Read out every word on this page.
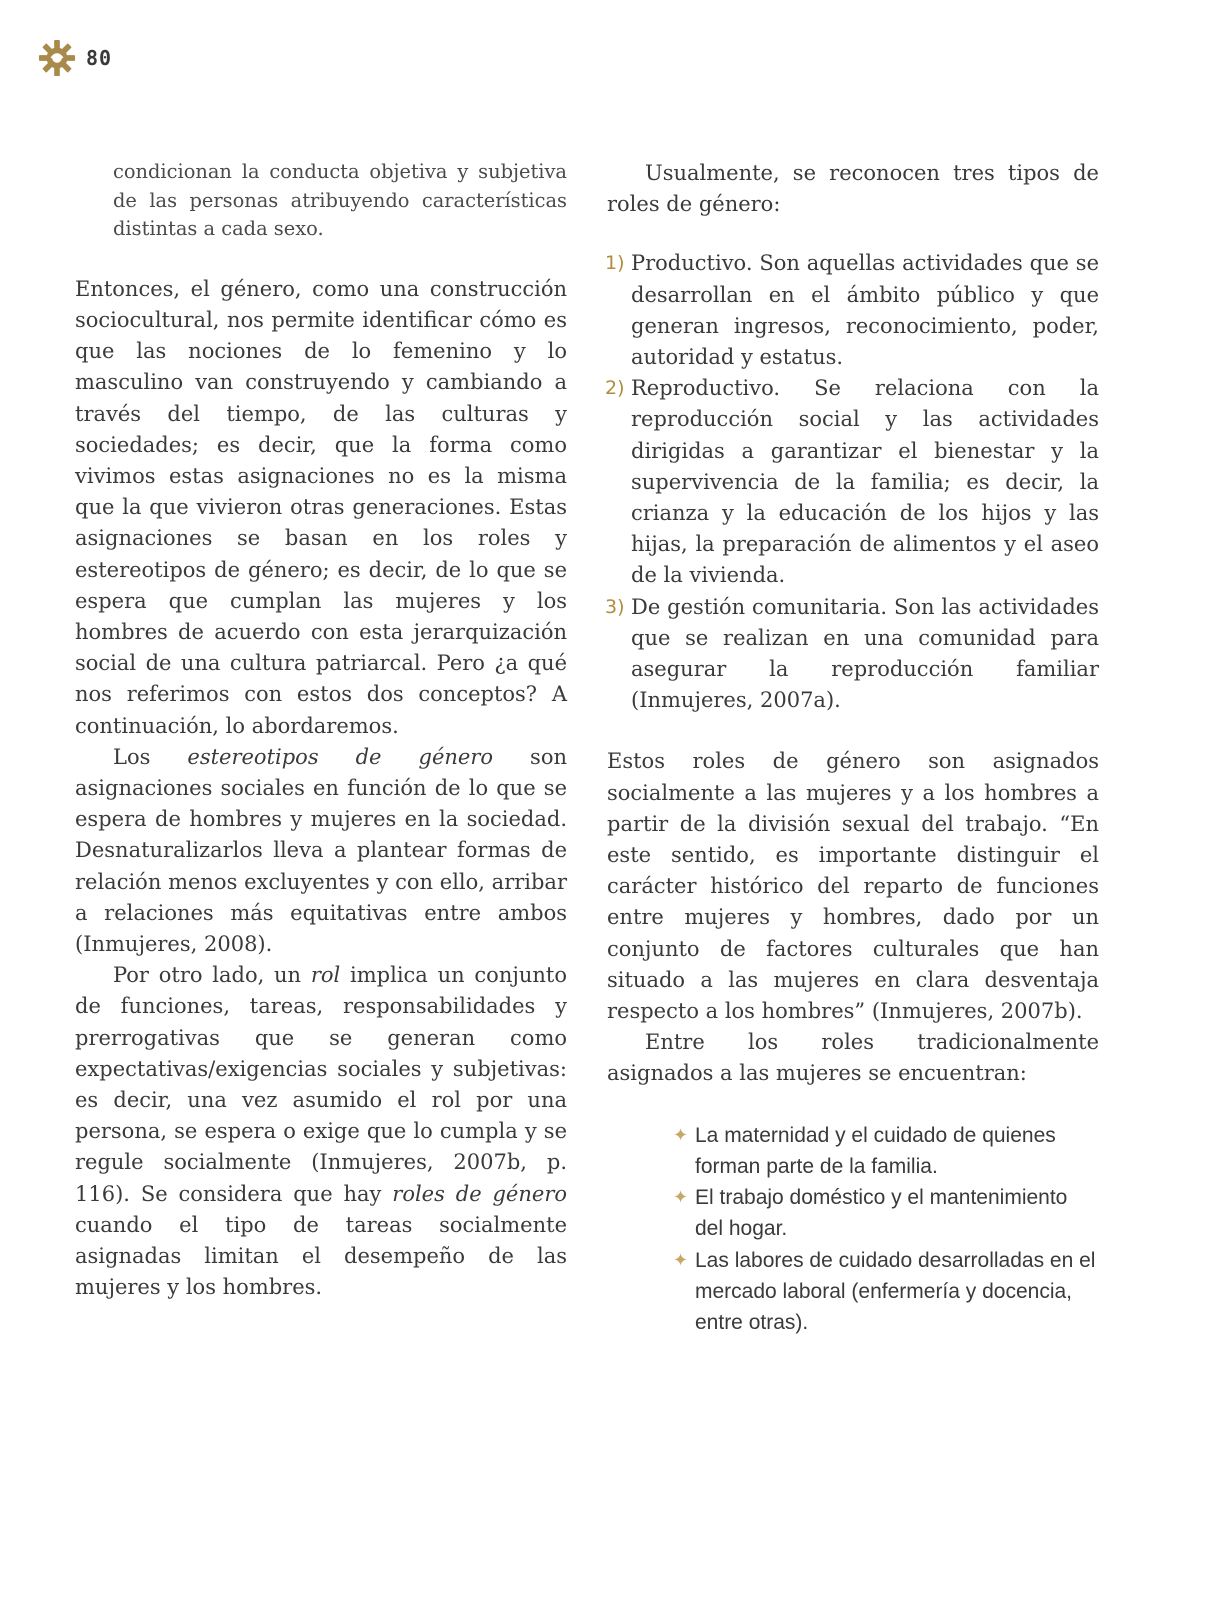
80

condicionan la conducta objetiva y subjetiva de las personas atribuyendo características distintas a cada sexo.

Entonces, el género, como una construcción sociocultural, nos permite identificar cómo es que las nociones de lo femenino y lo masculino van construyendo y cambiando a través del tiempo, de las culturas y sociedades; es decir, que la forma como vivimos estas asignaciones no es la misma que la que vivieron otras generaciones. Estas asignaciones se basan en los roles y estereotipos de género; es decir, de lo que se espera que cumplan las mujeres y los hombres de acuerdo con esta jerarquización social de una cultura patriarcal. Pero ¿a qué nos referimos con estos dos conceptos? A continuación, lo abordaremos.

Los estereotipos de género son asignaciones sociales en función de lo que se espera de hombres y mujeres en la sociedad. Desnaturalizarlos lleva a plantear formas de relación menos excluyentes y con ello, arribar a relaciones más equitativas entre ambos (Inmujeres, 2008).

Por otro lado, un rol implica un conjunto de funciones, tareas, responsabilidades y prerrogativas que se generan como expectativas/exigencias sociales y subjetivas: es decir, una vez asumido el rol por una persona, se espera o exige que lo cumpla y se regule socialmente (Inmujeres, 2007b, p. 116). Se considera que hay roles de género cuando el tipo de tareas socialmente asignadas limitan el desempeño de las mujeres y los hombres.

Usualmente, se reconocen tres tipos de roles de género:

1) Productivo. Son aquellas actividades que se desarrollan en el ámbito público y que generan ingresos, reconocimiento, poder, autoridad y estatus.
2) Reproductivo. Se relaciona con la reproducción social y las actividades dirigidas a garantizar el bienestar y la supervivencia de la familia; es decir, la crianza y la educación de los hijos y las hijas, la preparación de alimentos y el aseo de la vivienda.
3) De gestión comunitaria. Son las actividades que se realizan en una comunidad para asegurar la reproducción familiar (Inmujeres, 2007a).

Estos roles de género son asignados socialmente a las mujeres y a los hombres a partir de la división sexual del trabajo. “En este sentido, es importante distinguir el carácter histórico del reparto de funciones entre mujeres y hombres, dado por un conjunto de factores culturales que han situado a las mujeres en clara desventaja respecto a los hombres” (Inmujeres, 2007b).

Entre los roles tradicionalmente asignados a las mujeres se encuentran:

✦ La maternidad y el cuidado de quienes forman parte de la familia.
✦ El trabajo doméstico y el mantenimiento del hogar.
✦ Las labores de cuidado desarrolladas en el mercado laboral (enfermería y docencia, entre otras).
